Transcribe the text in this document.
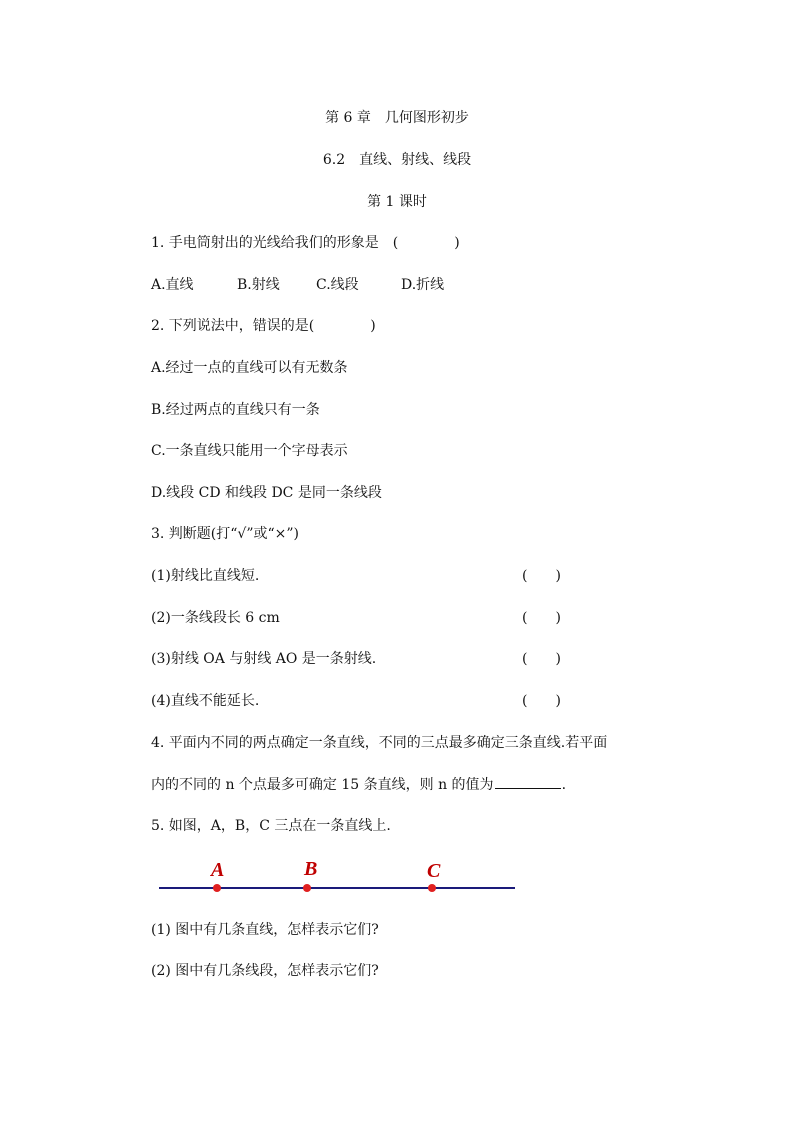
第 6 章　几何图形初步
6.2　直线、射线、线段
第 1 课时
1. 手电筒射出的光线给我们的形象是　(　　　　)
A.直线	B.射线	C.线段	D.折线
2. 下列说法中，错误的是(　　　　)
A.经过一点的直线可以有无数条
B.经过两点的直线只有一条
C.一条直线只能用一个字母表示
D.线段 CD 和线段 DC 是同一条线段
3. 判断题(打“√”或“×”)
(1)射线比直线短.	(　　)
(2)一条线段长 6 cm	(　　)
(3)射线 OA 与射线 AO 是一条射线.	(　　)
(4)直线不能延长.	(　　)
4. 平面内不同的两点确定一条直线，不同的三点最多确定三条直线.若平面
内的不同的 n 个点最多可确定 15 条直线，则 n 的值为	.
5. 如图，A，B，C 三点在一条直线上.
A	B	C
(1) 图中有几条直线，怎样表示它们?
(2) 图中有几条线段，怎样表示它们?
